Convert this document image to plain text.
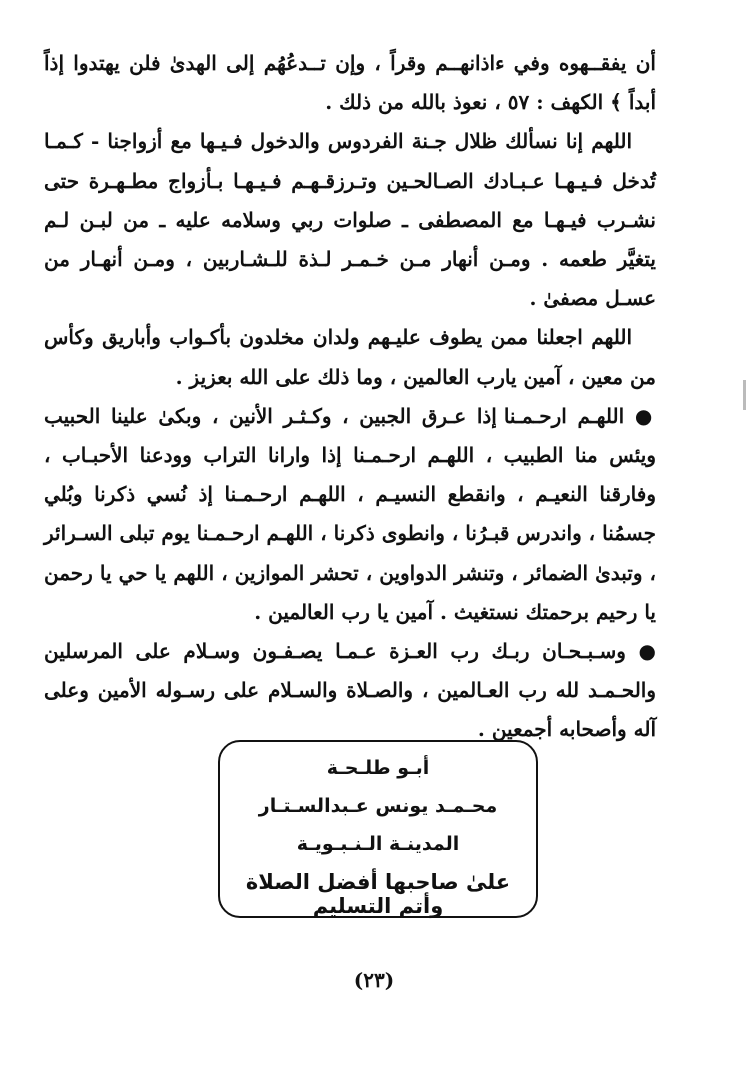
أن يفقــهوه وفي ءاذانهــم وقراً ، وإن تــدعُهُم إلى الهدىٰ فلن يهتدوا إذاً أبداً ﴾ الكهف : ٥٧ ، نعوذ بالله من ذلك .

اللهم إنا نسألك ظلال جـنة الفردوس والدخول فـيـها مع أزواجنا - كـمـا تُدخل فـيـهـا عـبـادك الصـالحـين وتـرزقـهـم فـيـهـا بـأزواج مطـهـرة حتى نشـرب فيـهـا مع المصطفى ـ صلوات ربي وسلامه عليه ـ من لبـن لـم يتغيَّر طعمه . ومـن أنهار مـن خـمـر لـذة للـشـاربين ، ومـن أنهـار من عسـل مصفىٰ .

اللهم اجعلنا ممن يطوف عليـهم ولدان مخلدون بأكـواب وأباريق وكأس من معين ، آمين يارب العالمين ، وما ذلك على الله بعزيز .

● اللهـم ارحـمـنا إذا عـرق الجبين ، وكـثـر الأنين ، وبكىٰ علينا الحبيب ويئس منا الطبيب ، اللهـم ارحـمـنا إذا وارانا التراب وودعنا الأحبـاب ، وفارقنا النعيـم ، وانقطع النسيـم ، اللهـم ارحـمـنا إذ نُسي ذكرنا وبُلي جسمُنا ، واندرس قبـرُنا ، وانطوى ذكرنا ، اللهـم ارحـمـنا يوم تبلى السـرائر ، وتبدىٰ الضمائر ، وتنشر الدواوين ، تحشر الموازين ، اللهم يا حي يا رحمن يا رحيم برحمتك نستغيث . آمين يا رب العالمين .

● وسـبـحـان ربـك رب العـزة عـمـا يصـفـون وسـلام على المرسلين والحـمـد لله رب العـالمين ، والصـلاة والسـلام على رسـوله الأمين وعلى آله وأصحابه أجمعين .

أبـو طلـحـة
محـمـد يونس عـبدالسـتـار
المدينـة الـنـبـويـة
علىٰ صاحبها أفضل الصلاة وأتم التسليم
(٢٣)
